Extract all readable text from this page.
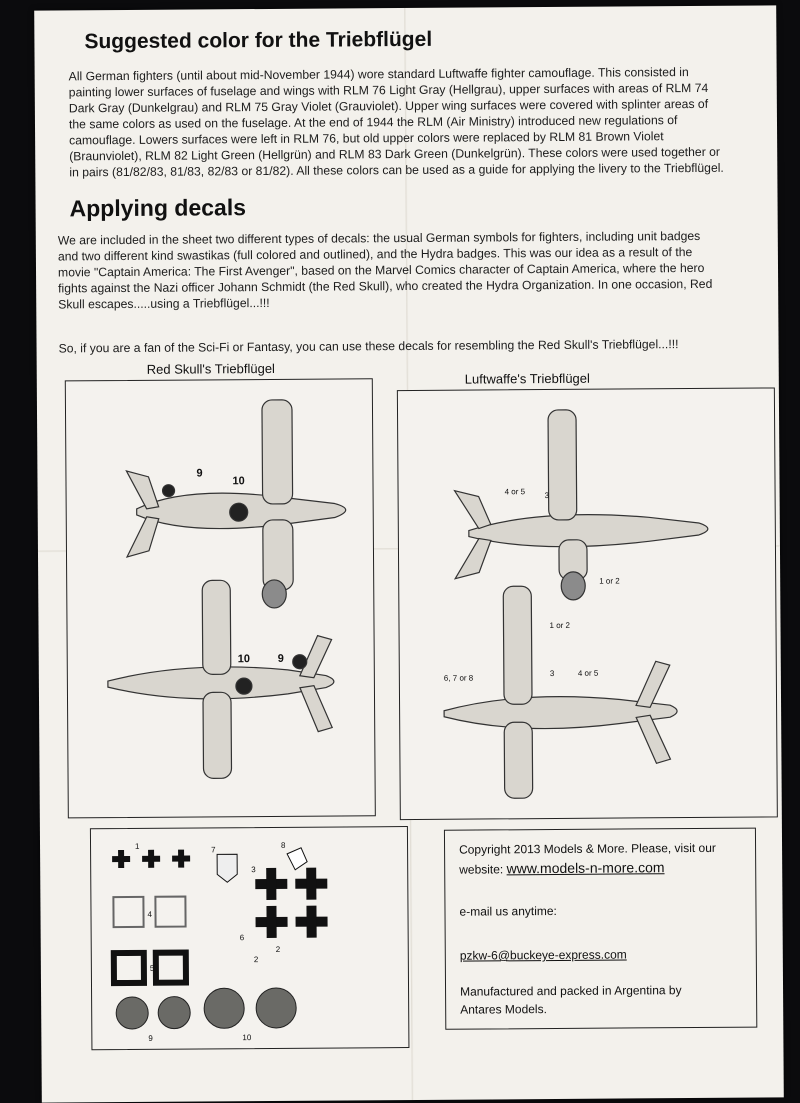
Suggested color for the Triebflügel
All German fighters (until about mid-November 1944) wore standard Luftwaffe fighter camouflage. This consisted in
painting lower surfaces of fuselage and wings with RLM 76 Light Gray (Hellgrau), upper surfaces with areas of RLM 74
Dark Gray (Dunkelgrau) and RLM 75 Gray Violet (Grauviolet). Upper wing surfaces were covered with splinter areas of
the same colors as used on the fuselage. At the end of 1944 the RLM (Air Ministry) introduced new regulations of
camouflage. Lowers surfaces were left in RLM 76, but old upper colors were replaced by RLM 81 Brown Violet
(Braunviolet), RLM 82 Light Green (Hellgrün) and RLM 83 Dark Green (Dunkelgrün). These colors were used together or
in pairs (81/82/83, 81/83, 82/83 or 81/82). All these colors can be used as a guide for applying the livery to the Triebflügel.
Applying decals
We are included in the sheet two different types of decals: the usual German symbols for fighters, including unit badges
and two different kind swastikas (full colored and outlined), and the Hydra badges. This was our idea as a result of the
movie "Captain America: The First Avenger", based on the Marvel Comics character of Captain America, where the hero
fights against the Nazi officer Johann Schmidt (the Red Skull), who created the Hydra Organization. In one occasion, Red
Skull escapes.....using a Triebflügel...!!!
So, if you are a fan of the Sci-Fi or Fantasy, you can use these decals for resembling the Red Skull's Triebflügel...!!!
Red Skull's Triebflügel
9
10
10	9
Luftwaffe's Triebflügel
4 or 5 3
1 or 2
1 or 2
6, 7 or 8
3	4 or 5
1	7	8
3
4
5
6
2
2
9	10
Copyright 2013 Models & More. Please, visit our
website: www.models-n-more.com
e-mail us anytime:
pzkw-6@buckeye-express.com
Manufactured and packed in Argentina by
Antares Models.
